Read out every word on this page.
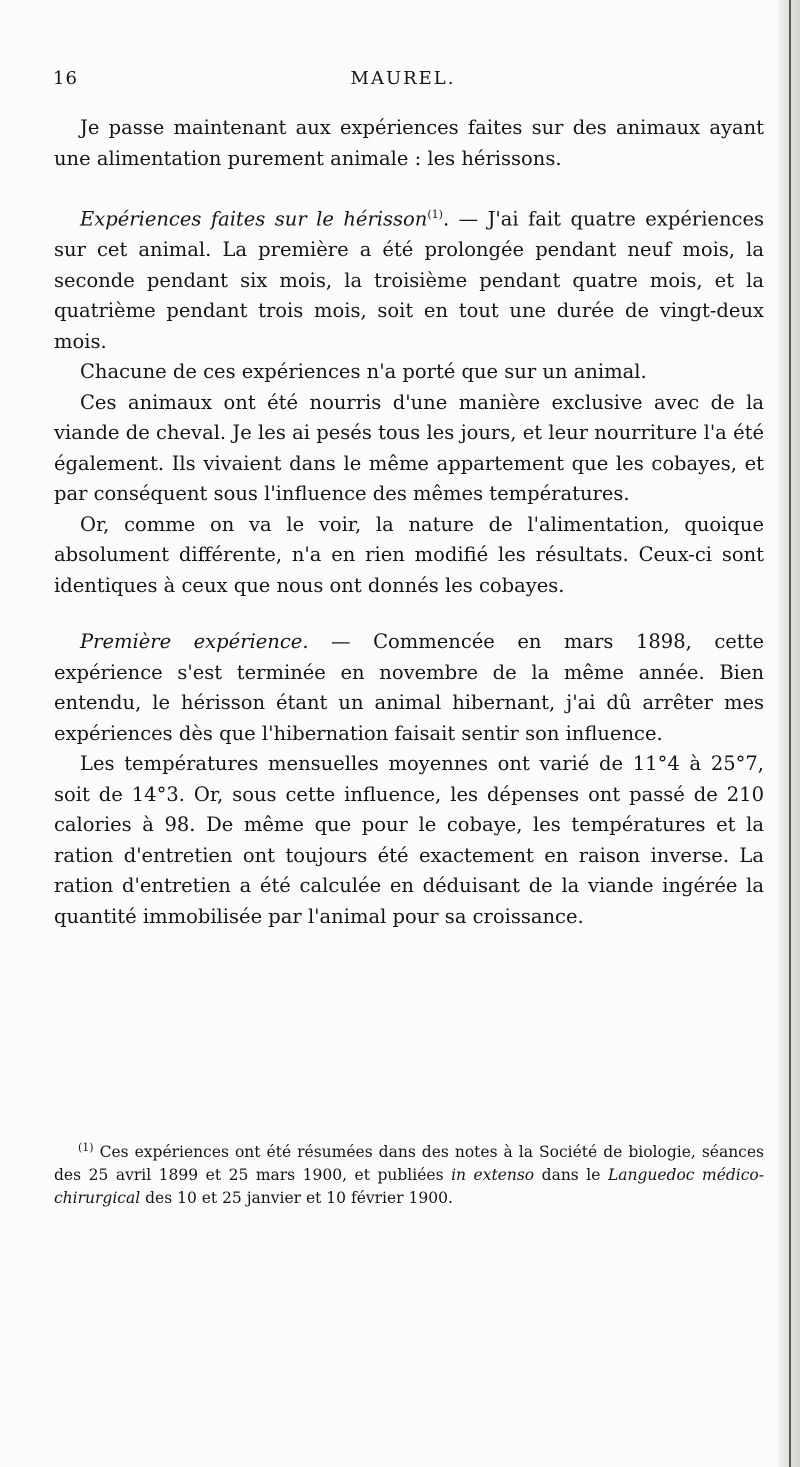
16	MAUREL.

Je passe maintenant aux expériences faites sur des animaux ayant une alimentation purement animale : les hérissons.

Expériences faites sur le hérisson$^{(1)}$. — J'ai fait quatre expériences sur cet animal. La première a été prolongée pendant neuf mois, la seconde pendant six mois, la troisième pendant quatre mois, et la quatrième pendant trois mois, soit en tout une durée de vingt-deux mois.

Chacune de ces expériences n'a porté que sur un animal.

Ces animaux ont été nourris d'une manière exclusive avec de la viande de cheval. Je les ai pesés tous les jours, et leur nourriture l'a été également. Ils vivaient dans le même appartement que les cobayes, et par conséquent sous l'influence des mêmes températures.

Or, comme on va le voir, la nature de l'alimentation, quoique absolument différente, n'a en rien modifié les résultats. Ceux-ci sont identiques à ceux que nous ont donnés les cobayes.

Première expérience. — Commencée en mars 1898, cette expérience s'est terminée en novembre de la même année. Bien entendu, le hérisson étant un animal hibernant, j'ai dû arrêter mes expériences dès que l'hibernation faisait sentir son influence.

Les températures mensuelles moyennes ont varié de 11°4 à 25°7, soit de 14°3. Or, sous cette influence, les dépenses ont passé de 210 calories à 98. De même que pour le cobaye, les températures et la ration d'entretien ont toujours été exactement en raison inverse. La ration d'entretien a été calculée en déduisant de la viande ingérée la quantité immobilisée par l'animal pour sa croissance.

$^{(1)}$ Ces expériences ont été résumées dans des notes à la Société de biologie, séances des 25 avril 1899 et 25 mars 1900, et publiées in extenso dans le Languedoc médico-chirurgical des 10 et 25 janvier et 10 février 1900.
